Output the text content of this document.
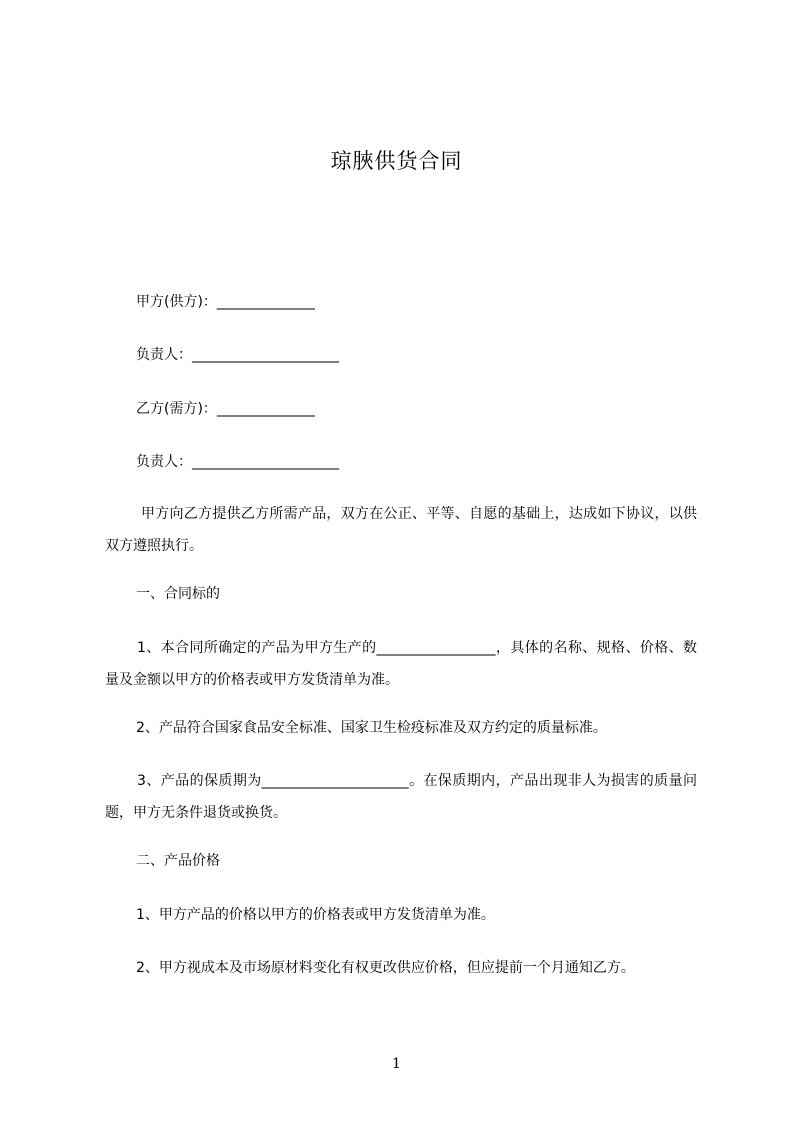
琼脥供货合同
甲方(供方)：______________
负责人：_____________________
乙方(需方)：______________
负责人：_____________________
甲方向乙方提供乙方所需产品，双方在公正、平等、自愿的基础上，达成如下协议，以供双方遵照执行。
一、合同标的
1、本合同所确定的产品为甲方生产的_________________，具体的名称、规格、价格、数量及金额以甲方的价格表或甲方发货清单为准。
2、产品符合国家食品安全标准、国家卫生检疫标准及双方约定的质量标准。
3、产品的保质期为_____________________。在保质期内，产品出现非人为损害的质量问题，甲方无条件退货或换货。
二、产品价格
1、甲方产品的价格以甲方的价格表或甲方发货清单为准。
2、甲方视成本及市场原材料变化有权更改供应价格，但应提前一个月通知乙方。
1
